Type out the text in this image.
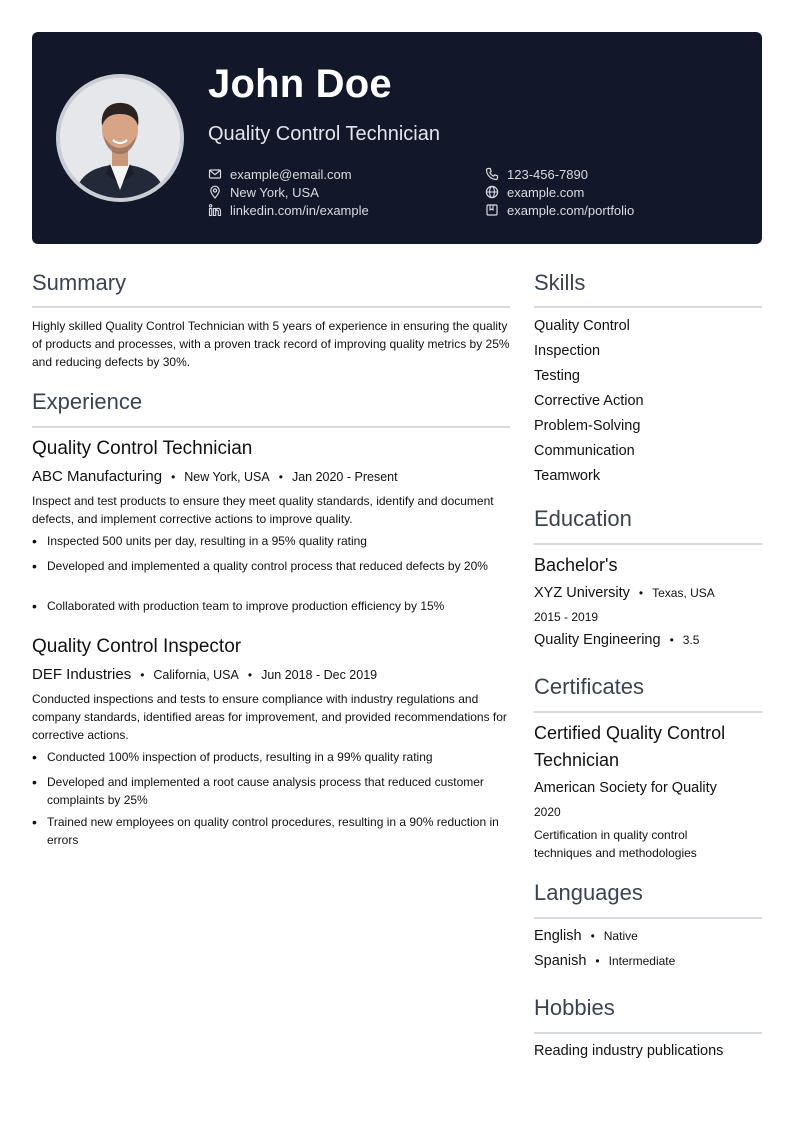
John Doe
Quality Control Technician
example@email.com
New York, USA
linkedin.com/in/example
123-456-7890
example.com
example.com/portfolio
Summary
Highly skilled Quality Control Technician with 5 years of experience in ensuring the quality of products and processes, with a proven track record of improving quality metrics by 25% and reducing defects by 30%.
Experience
Quality Control Technician
ABC Manufacturing • New York, USA • Jan 2020 - Present
Inspect and test products to ensure they meet quality standards, identify and document defects, and implement corrective actions to improve quality.
• Inspected 500 units per day, resulting in a 95% quality rating
• Developed and implemented a quality control process that reduced defects by 20%
• Collaborated with production team to improve production efficiency by 15%
Quality Control Inspector
DEF Industries • California, USA • Jun 2018 - Dec 2019
Conducted inspections and tests to ensure compliance with industry regulations and company standards, identified areas for improvement, and provided recommendations for corrective actions.
• Conducted 100% inspection of products, resulting in a 99% quality rating
• Developed and implemented a root cause analysis process that reduced customer complaints by 25%
• Trained new employees on quality control procedures, resulting in a 90% reduction in errors
Skills
Quality Control
Inspection
Testing
Corrective Action
Problem-Solving
Communication
Teamwork
Education
Bachelor's
XYZ University • Texas, USA
2015 - 2019
Quality Engineering • 3.5
Certificates
Certified Quality Control
Technician
American Society for Quality
2020
Certification in quality control techniques and methodologies
Languages
English • Native
Spanish • Intermediate
Hobbies
Reading industry publications
